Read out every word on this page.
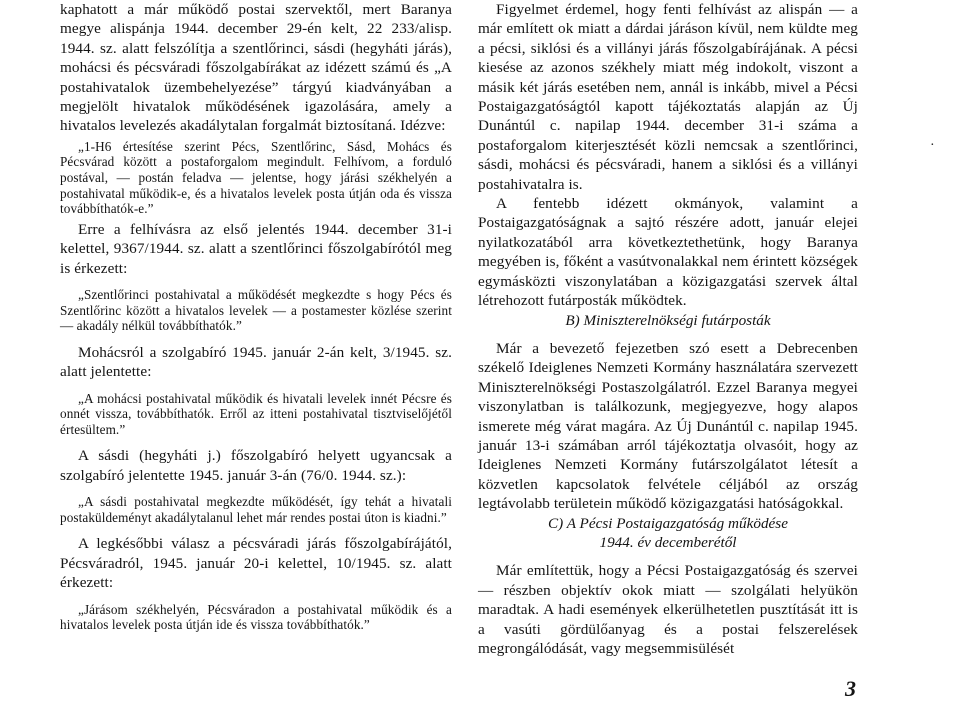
kaphatott a már működő postai szervektől, mert Baranya megye alispánja 1944. december 29-én kelt, 22 233/alisp. 1944. sz. alatt felszólítja a szentlőrinci, sásdi (hegyháti járás), mohácsi és pécsváradi főszolgabírákat az idézett számú és „A postahivatalok üzembehelyezése” tárgyú kiadványában a megjelölt hivatalok működésének igazolására, amely a hivatalos levelezés akadálytalan forgalmát biztosítaná. Idézve:

„1-H6 értesítése szerint Pécs, Szentlőrinc, Sásd, Mohács és Pécsvárad között a postaforgalom megindult. Felhívom, a forduló postával, — postán feladva — jelentse, hogy járási székhelyén a postahivatal működik-e, és a hivatalos levelek posta útján oda és vissza továbbíthatók-e.”

Erre a felhívásra az első jelentés 1944. december 31-i kelettel, 9367/1944. sz. alatt a szentlőrinci főszolgabírótól meg is érkezett:

„Szentlőrinci postahivatal a működését megkezdte s hogy Pécs és Szentlőrinc között a hivatalos levelek — a postamester közlése szerint — akadály nélkül továbbíthatók.”

Mohácsról a szolgabíró 1945. január 2-án kelt, 3/1945. sz. alatt jelentette:

„A mohácsi postahivatal működik és hivatali levelek innét Pécsre és onnét vissza, továbbíthatók. Erről az itteni postahivatal tisztviselőjétől értesültem.”

A sásdi (hegyháti j.) főszolgabíró helyett ugyancsak a szolgabíró jelentette 1945. január 3-án (76/0. 1944. sz.):

„A sásdi postahivatal megkezdte működését, így tehát a hivatali postaküldeményt akadálytalanul lehet már rendes postai úton is kiadni.”

A legkésőbbi válasz a pécsváradi járás főszolgabírájától, Pécsváradról, 1945. január 20-i kelettel, 10/1945. sz. alatt érkezett:

„Járásom székhelyén, Pécsváradon a postahivatal működik és a hivatalos levelek posta útján ide és vissza továbbíthatók.”

Figyelmet érdemel, hogy fenti felhívást az alispán — a már említett ok miatt a dárdai járáson kívül, nem küldte meg a pécsi, siklósi és a villányi járás főszolgabírájának. A pécsi kiesése az azonos székhely miatt még indokolt, viszont a másik két járás esetében nem, annál is inkább, mivel a Pécsi Postaigazgatóságtól kapott tájékoztatás alapján az Új Dunántúl c. napilap 1944. december 31-i száma a postaforgalom kiterjesztését közli nemcsak a szentlőrinci, sásdi, mohácsi és pécsváradi, hanem a siklósi és a villányi postahivatalra is.

A fentebb idézett okmányok, valamint a Postaigazgatóságnak a sajtó részére adott, január elejei nyilatkozatából arra következtethetünk, hogy Baranya megyében is, főként a vasútvonalakkal nem érintett községek egymásközti viszonylatában a közigazgatási szervek által létrehozott futárposták működtek.

B) Miniszterelnökségi futárposták

Már a bevezető fejezetben szó esett a Debrecenben székelő Ideiglenes Nemzeti Kormány használatára szervezett Miniszterelnökségi Postaszolgálatról. Ezzel Baranya megyei viszonylatban is találkozunk, megjegyezve, hogy alapos ismerete még várat magára. Az Új Dunántúl c. napilap 1945. január 13-i számában arról tájékoztatja olvasóit, hogy az Ideiglenes Nemzeti Kormány futárszolgálatot létesít a közvetlen kapcsolatok felvétele céljából az ország legtávolabb területein működő közigazgatási hatóságokkal.

C) A Pécsi Postaigazgatóság működése

1944. év decemberétől

Már említettük, hogy a Pécsi Postaigazgatóság és szervei — részben objektív okok miatt — szolgálati helyükön maradtak. A hadi események elkerülhetetlen pusztítását itt is a vasúti gördülőanyag és a postai felszerelések megrongálódását, vagy megsemmisülését

·
3
